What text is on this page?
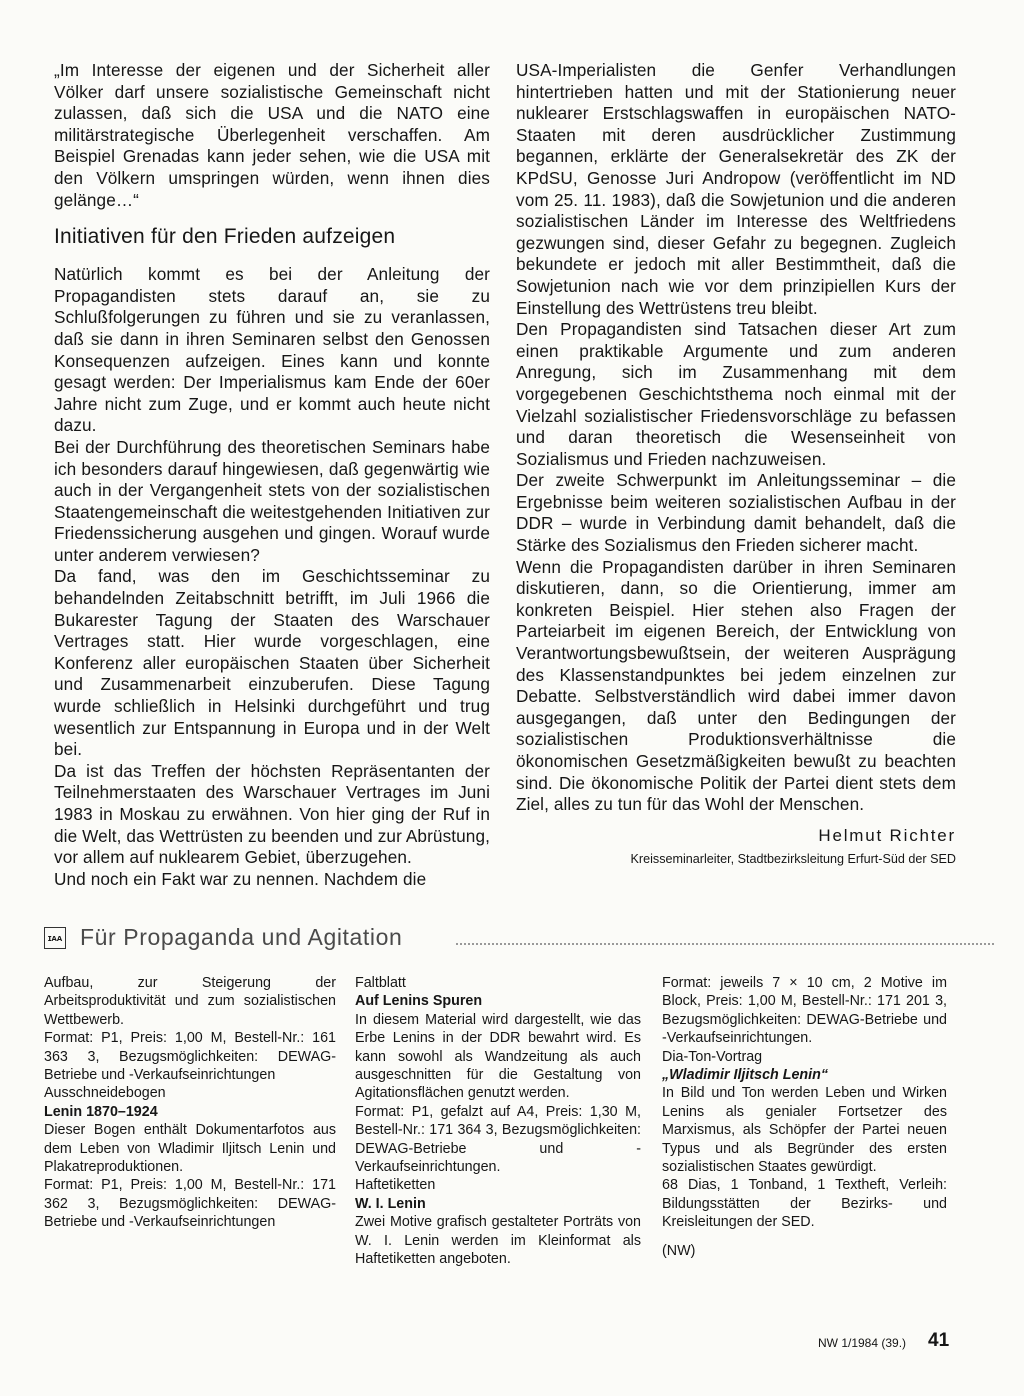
„Im Interesse der eigenen und der Sicherheit aller Völker darf unsere sozialistische Gemeinschaft nicht zulassen, daß sich die USA und die NATO eine militärstrategische Überlegenheit verschaffen. Am Beispiel Grenadas kann jeder sehen, wie die USA mit den Völkern umspringen würden, wenn ihnen dies gelänge…“

Initiativen für den Frieden aufzeigen

Natürlich kommt es bei der Anleitung der Propagandisten stets darauf an, sie zu Schlußfolgerungen zu führen und sie zu veranlassen, daß sie dann in ihren Seminaren selbst den Genossen Konsequenzen aufzeigen. Eines kann und konnte gesagt werden: Der Imperialismus kam Ende der 60er Jahre nicht zum Zuge, und er kommt auch heute nicht dazu.

Bei der Durchführung des theoretischen Seminars habe ich besonders darauf hingewiesen, daß gegenwärtig wie auch in der Vergangenheit stets von der sozialistischen Staatengemeinschaft die weitestgehenden Initiativen zur Friedenssicherung ausgehen und gingen. Worauf wurde unter anderem verwiesen?

Da fand, was den im Geschichtsseminar zu behandelnden Zeitabschnitt betrifft, im Juli 1966 die Bukarester Tagung der Staaten des Warschauer Vertrages statt. Hier wurde vorgeschlagen, eine Konferenz aller europäischen Staaten über Sicherheit und Zusammenarbeit einzuberufen. Diese Tagung wurde schließlich in Helsinki durchgeführt und trug wesentlich zur Entspannung in Europa und in der Welt bei.

Da ist das Treffen der höchsten Repräsentanten der Teilnehmerstaaten des Warschauer Vertrages im Juni 1983 in Moskau zu erwähnen. Von hier ging der Ruf in die Welt, das Wettrüsten zu beenden und zur Abrüstung, vor allem auf nuklearem Gebiet, überzugehen.

Und noch ein Fakt war zu nennen. Nachdem die

USA-Imperialisten die Genfer Verhandlungen hintertrieben hatten und mit der Stationierung neuer nuklearer Erstschlagswaffen in europäischen NATO-Staaten mit deren ausdrücklicher Zustimmung begannen, erklärte der Generalsekretär des ZK der KPdSU, Genosse Juri Andropow (veröffentlicht im ND vom 25. 11. 1983), daß die Sowjetunion und die anderen sozialistischen Länder im Interesse des Weltfriedens gezwungen sind, dieser Gefahr zu begegnen. Zugleich bekundete er jedoch mit aller Bestimmtheit, daß die Sowjetunion nach wie vor dem prinzipiellen Kurs der Einstellung des Wettrüstens treu bleibt.

Den Propagandisten sind Tatsachen dieser Art zum einen praktikable Argumente und zum anderen Anregung, sich im Zusammenhang mit dem vorgegebenen Geschichtsthema noch einmal mit der Vielzahl sozialistischer Friedensvorschläge zu befassen und daran theoretisch die Wesenseinheit von Sozialismus und Frieden nachzuweisen.

Der zweite Schwerpunkt im Anleitungsseminar – die Ergebnisse beim weiteren sozialistischen Aufbau in der DDR – wurde in Verbindung damit behandelt, daß die Stärke des Sozialismus den Frieden sicherer macht.

Wenn die Propagandisten darüber in ihren Seminaren diskutieren, dann, so die Orientierung, immer am konkreten Beispiel. Hier stehen also Fragen der Parteiarbeit im eigenen Bereich, der Entwicklung von Verantwortungsbewußtsein, der weiteren Ausprägung des Klassenstandpunktes bei jedem einzelnen zur Debatte. Selbstverständlich wird dabei immer davon ausgegangen, daß unter den Bedingungen der sozialistischen Produktionsverhältnisse die ökonomischen Gesetzmäßigkeiten bewußt zu beachten sind. Die ökonomische Politik der Partei dient stets dem Ziel, alles zu tun für das Wohl der Menschen.

Helmut Richter
Kreisseminarleiter, Stadtbezirksleitung Erfurt-Süd der SED
ɪᴀᴀ Für Propaganda und Agitation

Aufbau, zur Steigerung der Arbeitsproduktivität und zum sozialistischen Wettbewerb.

Format: P1, Preis: 1,00 M, Bestell-Nr.: 161 363 3, Bezugsmöglichkeiten: DEWAG-Betriebe und -Verkaufseinrichtungen

Ausschneidebogen

Lenin 1870–1924

Dieser Bogen enthält Dokumentarfotos aus dem Leben von Wladimir Iljitsch Lenin und Plakatreproduktionen.

Format: P1, Preis: 1,00 M, Bestell-Nr.: 171 362 3, Bezugsmöglichkeiten: DEWAG-Betriebe und -Verkaufseinrichtungen

Faltblatt

Auf Lenins Spuren

In diesem Material wird dargestellt, wie das Erbe Lenins in der DDR bewahrt wird. Es kann sowohl als Wandzeitung als auch ausgeschnitten für die Gestaltung von Agitationsflächen genutzt werden.

Format: P1, gefalzt auf A4, Preis: 1,30 M, Bestell-Nr.: 171 364 3, Bezugsmöglichkeiten: DEWAG-Betriebe und -Verkaufseinrichtungen.

Haftetiketten

W. I. Lenin

Zwei Motive grafisch gestalteter Porträts von W. I. Lenin werden im Kleinformat als Haftetiketten angeboten.

Format: jeweils 7 × 10 cm, 2 Motive im Block, Preis: 1,00 M, Bestell-Nr.: 171 201 3, Bezugsmöglichkeiten: DEWAG-Betriebe und -Verkaufseinrichtungen.

Dia-Ton-Vortrag

„Wladimir Iljitsch Lenin“

In Bild und Ton werden Leben und Wirken Lenins als genialer Fortsetzer des Marxismus, als Schöpfer der Partei neuen Typus und als Begründer des ersten sozialistischen Staates gewürdigt.

68 Dias, 1 Tonband, 1 Textheft, Verleih: Bildungsstätten der Bezirks- und Kreisleitungen der SED.

(NW)

NW 1/1984 (39.) 41
